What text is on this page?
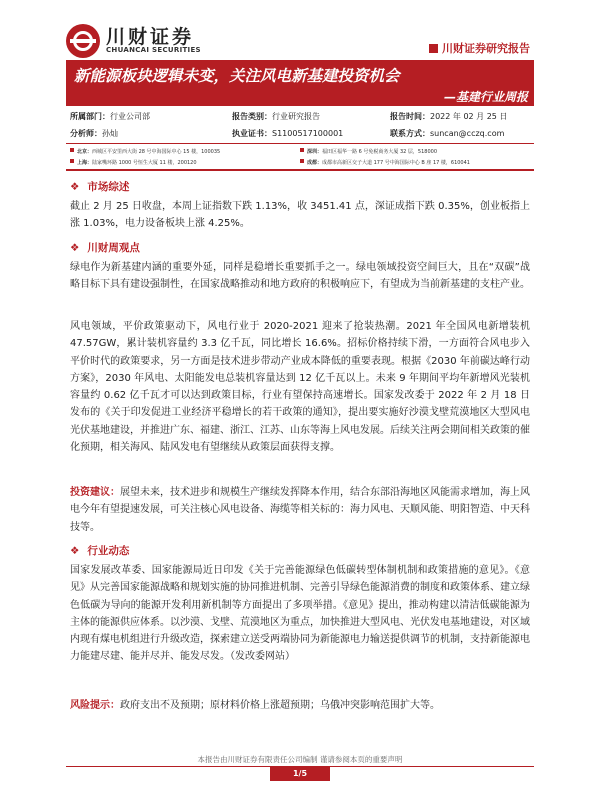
川财证券
CHUANCAI SECURITIES	川财证券研究报告
新能源板块逻辑未变，关注风电新基建投资机会
—基建行业周报
所属部门：行业公司部	报告类别：行业研究报告	报告时间：2022 年 02 月 25 日
分析师：孙灿	执业证书：S1100517100001	联系方式：suncan@cczq.com
北京：西城区平安里西大街 28 号中海国际中心 15 楼，100035	深圳：福田区福华一路 6 号免税商务大厦 32 层，518000
上海：陆家嘴环路 1000 号恒生大厦 11 楼，200120	成都：成都市高新区交子大道 177 号中海国际中心 B 座 17 楼，610041
❖ 市场综述
截止 2 月 25 日收盘，本周上证指数下跌 1.13%，收 3451.41 点，深证成指下跌 0.35%，创业板指上涨 1.03%，电力设备板块上涨 4.25%。
❖ 川财周观点
绿电作为新基建内涵的重要外延，同样是稳增长重要抓手之一。绿电领域投资空间巨大，且在“双碳”战略目标下具有建设强制性，在国家战略推动和地方政府的积极响应下，有望成为当前新基建的支柱产业。
风电领域，平价政策驱动下，风电行业于 2020-2021 迎来了抢装热潮。2021 年全国风电新增装机 47.57GW，累计装机容量约 3.3 亿千瓦，同比增长 16.6%。招标价格持续下滑，一方面符合风电步入平价时代的政策要求，另一方面是技术进步带动产业成本降低的重要表现。根据《2030 年前碳达峰行动方案》，2030 年风电、太阳能发电总装机容量达到 12 亿千瓦以上。未来 9 年期间平均年新增风光装机容量约 0.62 亿千瓦才可以达到政策目标，行业有望保持高速增长。国家发改委于 2022 年 2 月 18 日发布的《关于印发促进工业经济平稳增长的若干政策的通知》，提出要实施好沙漠戈壁荒漠地区大型风电光伏基地建设，并推进广东、福建、浙江、江苏、山东等海上风电发展。后续关注两会期间相关政策的催化预期，相关海风、陆风发电有望继续从政策层面获得支撑。
投资建议：展望未来，技术进步和规模生产继续发挥降本作用，结合东部沿海地区风能需求增加，海上风电今年有望提速发展，可关注核心风电设备、海缆等相关标的：海力风电、天顺风能、明阳智造、中天科技等。
❖ 行业动态
国家发展改革委、国家能源局近日印发《关于完善能源绿色低碳转型体制机制和政策措施的意见》。《意见》从完善国家能源战略和规划实施的协同推进机制、完善引导绿色能源消费的制度和政策体系、建立绿色低碳为导向的能源开发利用新机制等方面提出了多项举措。《意见》提出，推动构建以清洁低碳能源为主体的能源供应体系。以沙漠、戈壁、荒漠地区为重点，加快推进大型风电、光伏发电基地建设，对区域内现有煤电机组进行升级改造，探索建立送受两端协同为新能源电力输送提供调节的机制，支持新能源电力能建尽建、能并尽并、能发尽发。（发改委网站）
风险提示：政府支出不及预期；原材料价格上涨超预期；乌俄冲突影响范围扩大等。
本报告由川财证券有限责任公司编制 谨请参阅本页的重要声明
1/5
